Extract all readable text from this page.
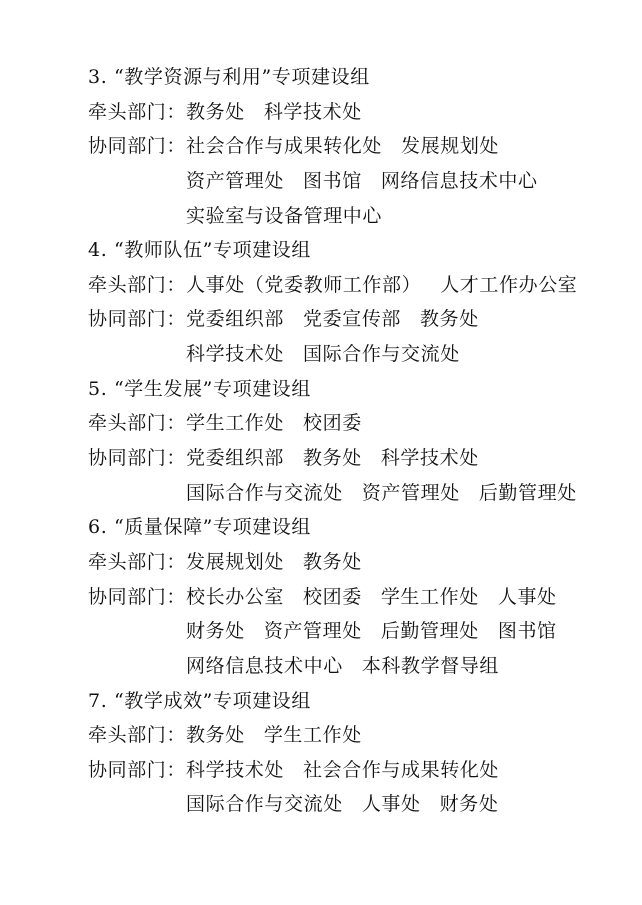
3. “教学资源与利用”专项建设组
牵头部门：教务处 科学技术处
协同部门：社会合作与成果转化处 发展规划处
资产管理处 图书馆 网络信息技术中心
实验室与设备管理中心
4. “教师队伍”专项建设组
牵头部门：人事处（党委教师工作部） 人才工作办公室
协同部门：党委组织部 党委宣传部 教务处
科学技术处 国际合作与交流处
5. “学生发展”专项建设组
牵头部门：学生工作处 校团委
协同部门：党委组织部 教务处 科学技术处
国际合作与交流处 资产管理处 后勤管理处
6. “质量保障”专项建设组
牵头部门：发展规划处 教务处
协同部门：校长办公室 校团委 学生工作处 人事处
财务处 资产管理处 后勤管理处 图书馆
网络信息技术中心 本科教学督导组
7. “教学成效”专项建设组
牵头部门：教务处 学生工作处
协同部门：科学技术处 社会合作与成果转化处
国际合作与交流处 人事处 财务处
